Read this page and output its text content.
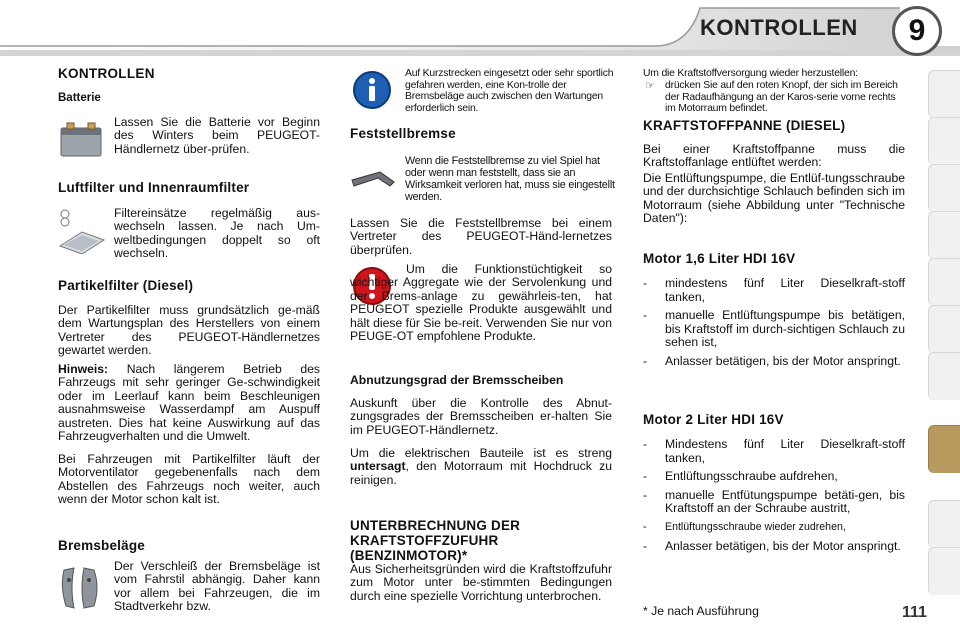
KONTROLLEN	9
KONTROLLEN
Batterie

Lassen Sie die Batterie vor Beginn des Winters beim PEUGEOT-Händlernetz über-prüfen.

Luftfilter und Innenraumfilter

Filtereinsätze regelmäßig aus-wechseln lassen. Je nach Um-weltbedingungen doppelt so oft wechseln.

Partikelfilter (Diesel)

Der Partikelfilter muss grundsätzlich ge-mäß dem Wartungsplan des Herstellers von einem Vertreter des PEUGEOT-Händlernetzes gewartet werden.

Hinweis: Nach längerem Betrieb des Fahrzeugs mit sehr geringer Ge-schwindigkeit oder im Leerlauf kann beim Beschleunigen ausnahmsweise Wasserdampf am Auspuff austreten. Dies hat keine Auswirkung auf das Fahrzeugverhalten und die Umwelt.

Bei Fahrzeugen mit Partikelfilter läuft der Motorventilator gegebenenfalls nach dem Abstellen des Fahrzeugs noch weiter, auch wenn der Motor schon kalt ist.

Bremsbeläge

Der Verschleiß der Bremsbeläge ist vom Fahrstil abhängig. Daher kann vor allem bei Fahrzeugen, die im Stadtverkehr bzw.

Auf Kurzstrecken eingesetzt oder sehr sportlich gefahren werden, eine Kon-trolle der Bremsbeläge auch zwischen den Wartungen erforderlich sein.

Feststellbremse

Wenn die Feststellbremse zu viel Spiel hat oder wenn man feststellt, dass sie an Wirksamkeit verloren hat, muss sie eingestellt werden.

Lassen Sie die Feststellbremse bei einem Vertreter des PEUGEOT-Händ-lernetzes überprüfen.

Um die Funktionstüchtigkeit so wichtiger Aggregate wie der Servolenkung und der Brems-anlage zu gewährleis-ten, hat PEUGEOT spezielle Produkte ausgewählt und hält diese für Sie be-reit. Verwenden Sie nur von PEUGE-OT empfohlene Produkte.

Abnutzungsgrad der Bremsscheiben

Auskunft über die Kontrolle des Abnut-zungsgrades der Bremsscheiben er-halten Sie im PEUGEOT-Händlernetz.

Um die elektrischen Bauteile ist es streng untersagt, den Motorraum mit Hochdruck zu reinigen.

UNTERBRECHNUNG DER KRAFTSTOFFZUFUHR (BENZINMOTOR)*

Aus Sicherheitsgründen wird die Kraftstoffzufuhr zum Motor unter be-stimmten Bedingungen durch eine spezielle Vorrichtung unterbrochen.

Um die Kraftstoffversorgung wieder herzustellen:

☞ drücken Sie auf den roten Knopf, der sich im Bereich der Radaufhängung an der Karos-serie vorne rechts im Motorraum befindet.

KRAFTSTOFFPANNE (DIESEL)

Bei einer Kraftstoffpanne muss die Kraftstoffanlage entlüftet werden:

Die Entlüftungspumpe, die Entlüf-tungsschraube und der durchsichtige Schlauch befinden sich im Motorraum (siehe Abbildung unter "Technische Daten"):

Motor 1,6 Liter HDI 16V
- mindestens fünf Liter Dieselkraft-stoff tanken,
- manuelle Entlüftungspumpe bis betätigen, bis Kraftstoff im durch-sichtigen Schlauch zu sehen ist,
- Anlasser betätigen, bis der Motor anspringt.
Motor 2 Liter HDI 16V
- Mindestens fünf Liter Dieselkraft-stoff tanken,
- Entlüftungsschraube aufdrehen,
- manuelle Entfütungspumpe betäti-gen, bis Kraftstoff an der Schraube austritt,
- Entlüftungsschraube wieder zudrehen,
- Anlasser betätigen, bis der Motor anspringt.
* Je nach Ausführung	111
